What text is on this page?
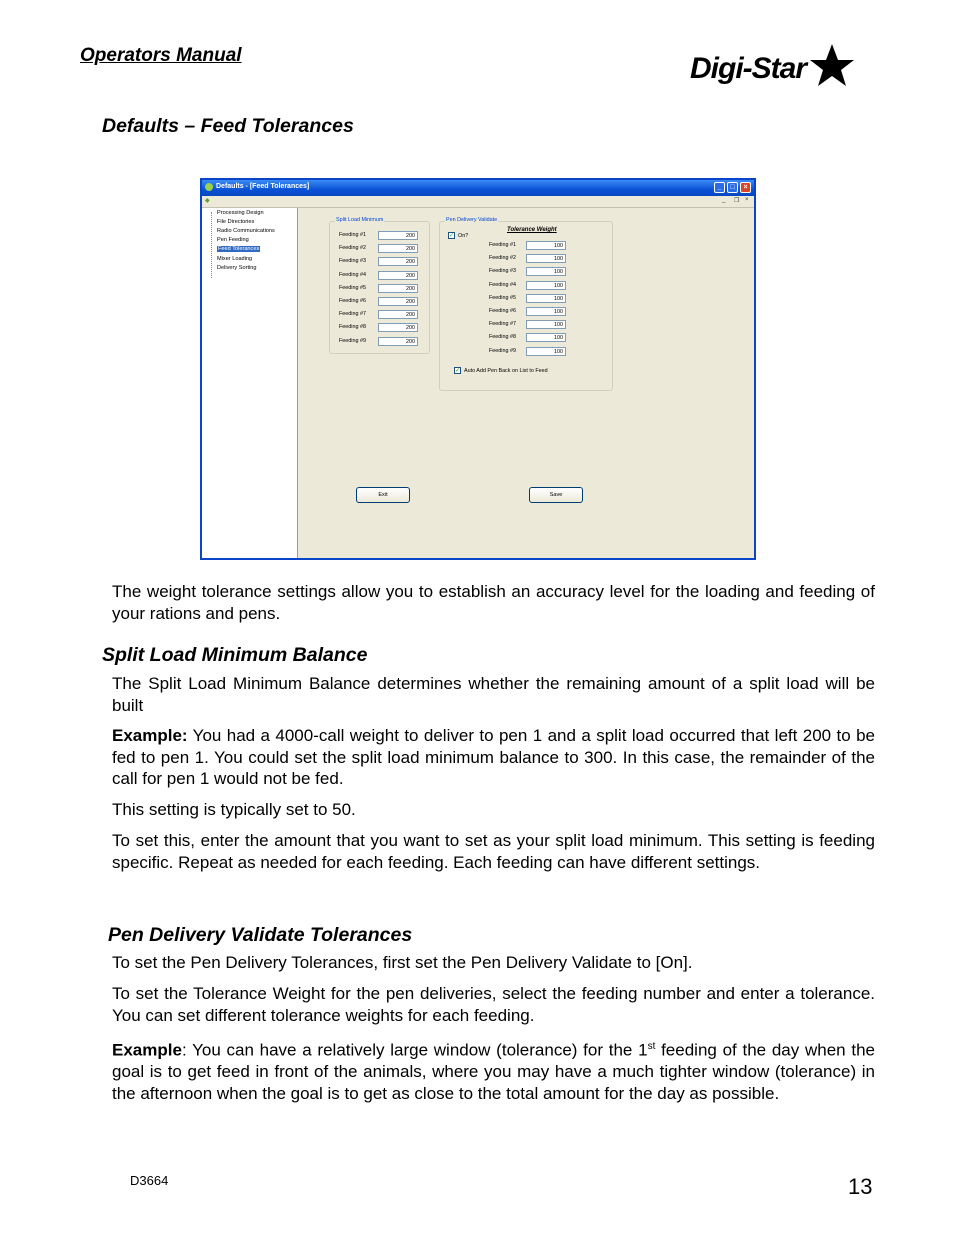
Operators Manual	Digi-Star
Defaults – Feed Tolerances
Defaults - [Feed Tolerances]	_	□	×
◆	_ ❐ ×
Processing Design
File Directories
Radio Communications
Pen Feeding
Feed Tolerances
Mixer Loading
Delivery Sorting
Split Load Minimum
Feeding #1	200
Feeding #2	200
Feeding #3	200
Feeding #4	200
Feeding #5	200
Feeding #6	200
Feeding #7	200
Feeding #8	200
Feeding #9	200
Pen Delivery Validate
✓ On?
Tolerance Weight
Feeding #1	100
Feeding #2	100
Feeding #3	100
Feeding #4	100
Feeding #5	100
Feeding #6	100
Feeding #7	100
Feeding #8	100
Feeding #9	100
✓ Auto Add Pen Back on List to Feed
Exit	Save

The weight tolerance settings allow you to establish an accuracy level for the loading and feeding of your rations and pens.

Split Load Minimum Balance

The Split Load Minimum Balance determines whether the remaining amount of a split load will be built

Example: You had a 4000-call weight to deliver to pen 1 and a split load occurred that left 200 to be fed to pen 1. You could set the split load minimum balance to 300. In this case, the remainder of the call for pen 1 would not be fed.

This setting is typically set to 50.

To set this, enter the amount that you want to set as your split load minimum. This setting is feeding specific. Repeat as needed for each feeding. Each feeding can have different settings.

Pen Delivery Validate Tolerances

To set the Pen Delivery Tolerances, first set the Pen Delivery Validate to [On].

To set the Tolerance Weight for the pen deliveries, select the feeding number and enter a tolerance. You can set different tolerance weights for each feeding.

Example: You can have a relatively large window (tolerance) for the 1st feeding of the day when the goal is to get feed in front of the animals, where you may have a much tighter window (tolerance) in the afternoon when the goal is to get as close to the total amount for the day as possible.

D3664	13
